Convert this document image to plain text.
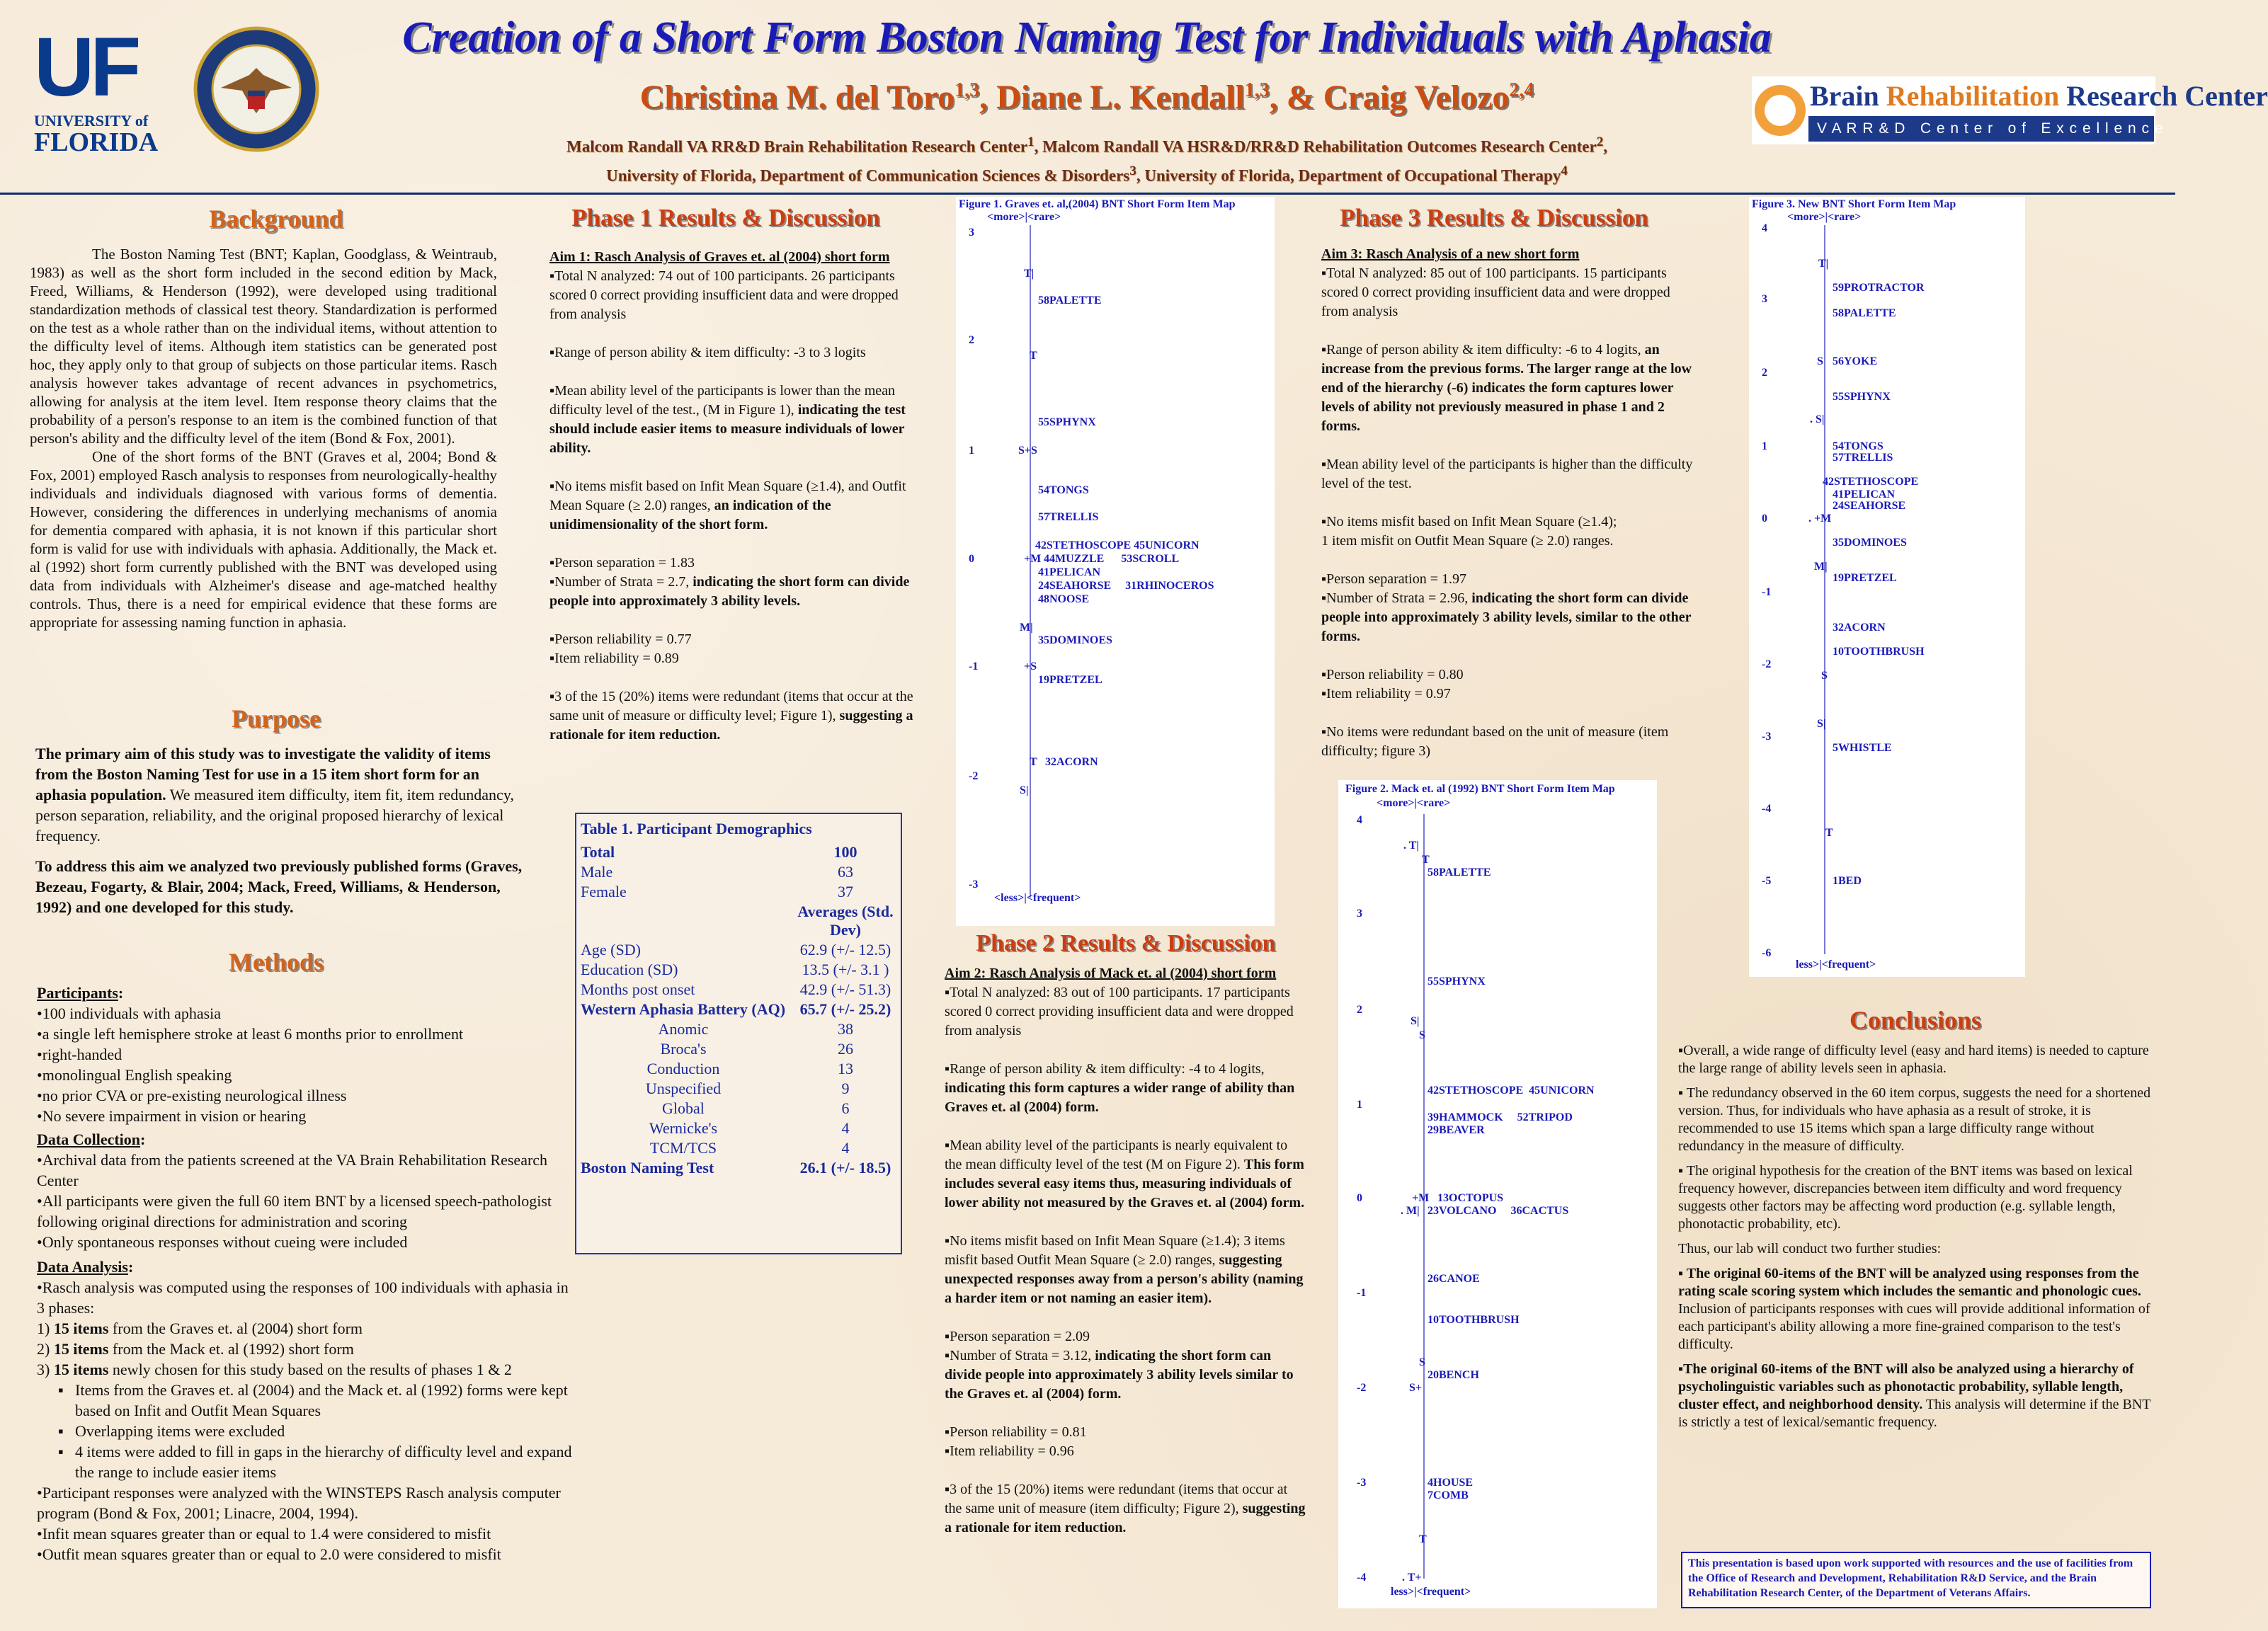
UF
UNIVERSITY of
FLORIDA
Creation of a Short Form Boston Naming Test for Individuals with Aphasia
Christina M. del Toro$^{1,3}$, Diane L. Kendall$^{1,3}$, & Craig Velozo$^{2,4}$
Malcom Randall VA RR&D Brain Rehabilitation Research Center$^1$, Malcom Randall VA HSR&D/RR&D Rehabilitation Outcomes Research Center$^2$,
University of Florida, Department of Communication Sciences & Disorders$^3$, University of Florida, Department of Occupational Therapy$^4$
Brain Rehabilitation Research Center
V A R R & D   C e n t e r   o f   E x c e l l e n c e
Background

The Boston Naming Test (BNT; Kaplan, Goodglass, & Weintraub, 1983) as well as the short form included in the second edition by Mack, Freed, Williams, & Henderson (1992), were developed using traditional standardization methods of classical test theory. Standardization is performed on the test as a whole rather than on the individual items, without attention to the difficulty level of items. Although item statistics can be generated post hoc, they apply only to that group of subjects on those particular items. Rasch analysis however takes advantage of recent advances in psychometrics, allowing for analysis at the item level. Item response theory claims that the probability of a person's response to an item is the combined function of that person's ability and the difficulty level of the item (Bond & Fox, 2001).

One of the short forms of the BNT (Graves et al, 2004; Bond & Fox, 2001) employed Rasch analysis to responses from neurologically-healthy individuals and individuals diagnosed with various forms of dementia. However, considering the differences in underlying mechanisms of anomia for dementia compared with aphasia, it is not known if this particular short form is valid for use with individuals with aphasia. Additionally, the Mack et. al (1992) short form currently published with the BNT was developed using data from individuals with Alzheimer's disease and age-matched healthy controls. Thus, there is a need for empirical evidence that these forms are appropriate for assessing naming function in aphasia.

Purpose

The primary aim of this study was to investigate the validity of items from the Boston Naming Test for use in a 15 item short form for an aphasia population. We measured item difficulty, item fit, item redundancy, person separation, reliability, and the original proposed hierarchy of lexical frequency.

To address this aim we analyzed two previously published forms (Graves, Bezeau, Fogarty, & Blair, 2004; Mack, Freed, Williams, & Henderson, 1992) and one developed for this study.

Methods
Participants:
•100 individuals with aphasia
•a single left hemisphere stroke at least 6 months prior to enrollment
•right-handed
•monolingual English speaking
•no prior CVA or pre-existing neurological illness
•No severe impairment in vision or hearing
Data Collection:
•Archival data from the patients screened at the VA Brain Rehabilitation Research Center
•All participants were given the full 60 item BNT by a licensed speech-pathologist following original directions for administration and scoring
•Only spontaneous responses without cueing were included
Data Analysis:
•Rasch analysis was computed using the responses of 100 individuals with aphasia in 3 phases:
1) 15 items from the Graves et. al (2004) short form
2) 15 items from the Mack et. al (1992) short form
3) 15 items newly chosen for this study based on the results of phases 1 & 2
▪ Items from the Graves et. al (2004) and the Mack et. al (1992) forms were kept based on Infit and Outfit Mean Squares
▪ Overlapping items were excluded
▪ 4 items were added to fill in gaps in the hierarchy of difficulty level and expand the range to include easier items
•Participant responses were analyzed with the WINSTEPS Rasch analysis computer program (Bond & Fox, 2001; Linacre, 2004, 1994).
•Infit mean squares greater than or equal to 1.4 were considered to misfit
•Outfit mean squares greater than or equal to 2.0 were considered to misfit
Phase 1 Results & Discussion
Aim 1: Rasch Analysis of Graves et. al (2004) short form
▪Total N analyzed: 74 out of 100 participants. 26 participants scored 0 correct providing insufficient data and were dropped from analysis
▪Range of person ability & item difficulty: -3 to 3 logits
▪Mean ability level of the participants is lower than the mean difficulty level of the test., (M in Figure 1), indicating the test should include easier items to measure individuals of lower ability.
▪No items misfit based on Infit Mean Square (≥1.4), and Outfit Mean Square (≥ 2.0) ranges, an indication of the unidimensionality of the short form.
▪Person separation = 1.83
▪Number of Strata = 2.7, indicating the short form can divide people into approximately 3 ability levels.
▪Person reliability = 0.77
▪Item reliability = 0.89
▪3 of the 15 (20%) items were redundant (items that occur at the same unit of measure or difficulty level; Figure 1), suggesting a rationale for item reduction.
Table 1. Participant Demographics
Total	100
Male	63
Female	37
	Averages (Std. Dev)
Age (SD)	62.9 (+/- 12.5)
Education (SD)	13.5 (+/- 3.1 )
Months post onset	42.9 (+/- 51.3)
Western Aphasia Battery (AQ)	65.7 (+/- 25.2)
Anomic	38
Broca's	26
Conduction	13
Unspecified	9
Global	6
Wernicke's	4
TCM/TCS	4
Boston Naming Test	26.1 (+/- 18.5)
Figure 1. Graves et. al,(2004) BNT Short Form Item Map
<more>|<rare>
3
2
1
0
-1
-2
-3
T|
T
S+S
+M
M|
+S
S|
T
58PALETTE
55SPHYNX
54TONGS
57TRELLIS
42STETHOSCOPE 45UNICORN
44MUZZLE      53SCROLL
41PELICAN
24SEAHORSE     31RHINOCEROS
48NOOSE
35DOMINOES
19PRETZEL
32ACORN
<less>|<frequent>
Phase 2 Results & Discussion
Aim 2: Rasch Analysis of Mack et. al (2004) short form
▪Total N analyzed: 83 out of 100 participants. 17 participants scored 0 correct providing insufficient data and were dropped from analysis
▪Range of person ability & item difficulty: -4 to 4 logits, indicating this form captures a wider range of ability than Graves et. al (2004) form.
▪Mean ability level of the participants is nearly equivalent to the mean difficulty level of the test (M on Figure 2). This form includes several easy items thus, measuring individuals of lower ability not measured by the Graves et. al (2004) form.
▪No items misfit based on Infit Mean Square (≥1.4); 3 items misfit based Outfit Mean Square (≥ 2.0) ranges, suggesting unexpected responses away from a person's ability (naming a harder item or not naming an easier item).
▪Person separation = 2.09
▪Number of Strata = 3.12, indicating the short form can divide people into approximately 3 ability levels similar to the Graves et. al (2004) form.
▪Person reliability = 0.81
▪Item reliability = 0.96
▪3 of the 15 (20%) items were redundant (items that occur at the same unit of measure (item difficulty; Figure 2), suggesting a rationale for item reduction.
Phase 3 Results & Discussion
Aim 3: Rasch Analysis of a new short form
▪Total N analyzed: 85 out of 100 participants. 15 participants scored 0 correct providing insufficient data and were dropped from analysis
▪Range of person ability & item difficulty: -6 to 4 logits, an increase from the previous forms. The larger range at the low end of the hierarchy (-6) indicates the form captures lower levels of ability not previously measured in phase 1 and 2 forms.
▪Mean ability level of the participants is higher than the difficulty level of the test.
▪No items misfit based on Infit Mean Square (≥1.4);
1 item misfit on Outfit Mean Square (≥ 2.0) ranges.
▪Person separation = 1.97
▪Number of Strata = 2.96, indicating the short form can divide people into approximately 3 ability levels, similar to the other forms.
▪Person reliability = 0.80
▪Item reliability = 0.97
▪No items were redundant based on the unit of measure (item difficulty; figure 3)
Figure 2. Mack et. al (1992) BNT Short Form Item Map
<more>|<rare>
4
3
2
1
0
-1
-2
-3
-4
. T|
T
S|
S
+M
. M|
S
S+
T
. T+
58PALETTE
55SPHYNX
42STETHOSCOPE  45UNICORN
39HAMMOCK     52TRIPOD
29BEAVER
13OCTOPUS
23VOLCANO     36CACTUS
26CANOE
10TOOTHBRUSH
20BENCH
4HOUSE
7COMB
less>|<frequent>
Figure 3. New BNT Short Form Item Map
<more>|<rare>
4
3
2
1
0
-1
-2
-3
-4
-5
-6
T|
S
. S|
. +M
M|
S
S|
T
59PROTRACTOR
58PALETTE
56YOKE
55SPHYNX
54TONGS
57TRELLIS
42STETHOSCOPE
41PELICAN
24SEAHORSE
35DOMINOES
19PRETZEL
32ACORN
10TOOTHBRUSH
5WHISTLE
1BED
less>|<frequent>
Conclusions
▪Overall, a wide range of difficulty level (easy and hard items) is needed to capture the large range of ability levels seen in aphasia.
▪ The redundancy observed in the 60 item corpus, suggests the need for a shortened version. Thus, for individuals who have aphasia as a result of stroke, it is recommended to use 15 items which span a large difficulty range without redundancy in the measure of difficulty.
▪ The original hypothesis for the creation of the BNT items was based on lexical frequency however, discrepancies between item difficulty and word frequency suggests other factors may be affecting word production (e.g. syllable length, phonotactic probability, etc).
Thus, our lab will conduct two further studies:
▪ The original 60-items of the BNT will be analyzed using responses from the rating scale scoring system which includes the semantic and phonologic cues. Inclusion of participants responses with cues will provide additional information of each participant's ability allowing a more fine-grained comparison to the test's difficulty.
▪The original 60-items of the BNT will also be analyzed using a hierarchy of psycholinguistic variables such as phonotactic probability, syllable length, cluster effect, and neighborhood density. This analysis will determine if the BNT is strictly a test of lexical/semantic frequency.
This presentation is based upon work supported with resources and the use of facilities from the Office of Research and Development, Rehabilitation R&D Service, and the Brain Rehabilitation Research Center, of the Department of Veterans Affairs.
